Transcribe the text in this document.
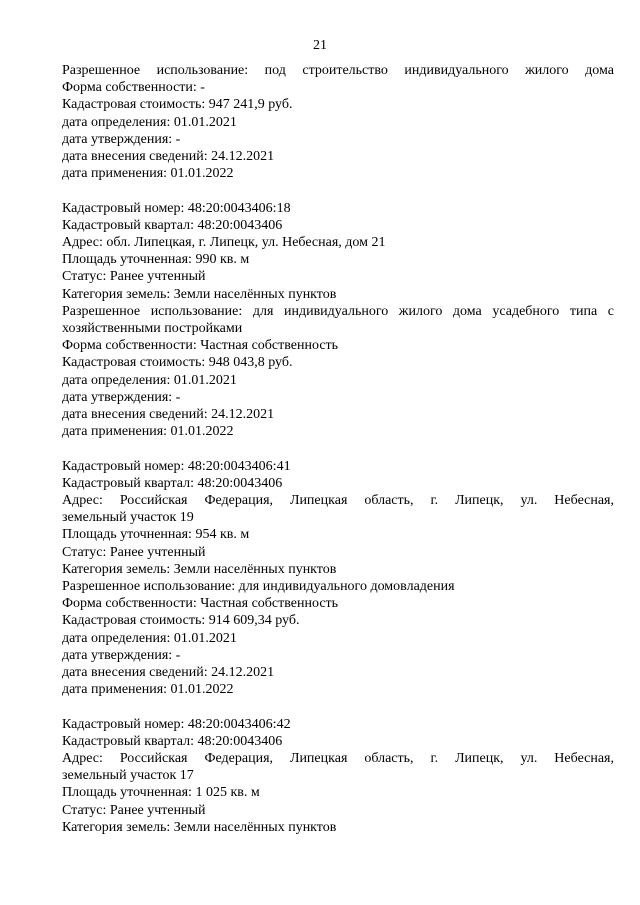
21
Разрешенное использование: под строительство индивидуального жилого дома
Форма собственности: -
Кадастровая стоимость: 947 241,9 руб.
дата определения: 01.01.2021
дата утверждения: -
дата внесения сведений: 24.12.2021
дата применения: 01.01.2022
Кадастровый номер: 48:20:0043406:18
Кадастровый квартал: 48:20:0043406
Адрес: обл. Липецкая, г. Липецк, ул. Небесная, дом 21
Площадь уточненная: 990 кв. м
Статус: Ранее учтенный
Категория земель: Земли населённых пунктов
Разрешенное использование: для индивидуального жилого дома усадебного типа с
хозяйственными постройками
Форма собственности: Частная собственность
Кадастровая стоимость: 948 043,8 руб.
дата определения: 01.01.2021
дата утверждения: -
дата внесения сведений: 24.12.2021
дата применения: 01.01.2022
Кадастровый номер: 48:20:0043406:41
Кадастровый квартал: 48:20:0043406
Адрес: Российская Федерация, Липецкая область, г. Липецк, ул. Небесная,
земельный участок 19
Площадь уточненная: 954 кв. м
Статус: Ранее учтенный
Категория земель: Земли населённых пунктов
Разрешенное использование: для индивидуального домовладения
Форма собственности: Частная собственность
Кадастровая стоимость: 914 609,34 руб.
дата определения: 01.01.2021
дата утверждения: -
дата внесения сведений: 24.12.2021
дата применения: 01.01.2022
Кадастровый номер: 48:20:0043406:42
Кадастровый квартал: 48:20:0043406
Адрес: Российская Федерация, Липецкая область, г. Липецк, ул. Небесная,
земельный участок 17
Площадь уточненная: 1 025 кв. м
Статус: Ранее учтенный
Категория земель: Земли населённых пунктов
